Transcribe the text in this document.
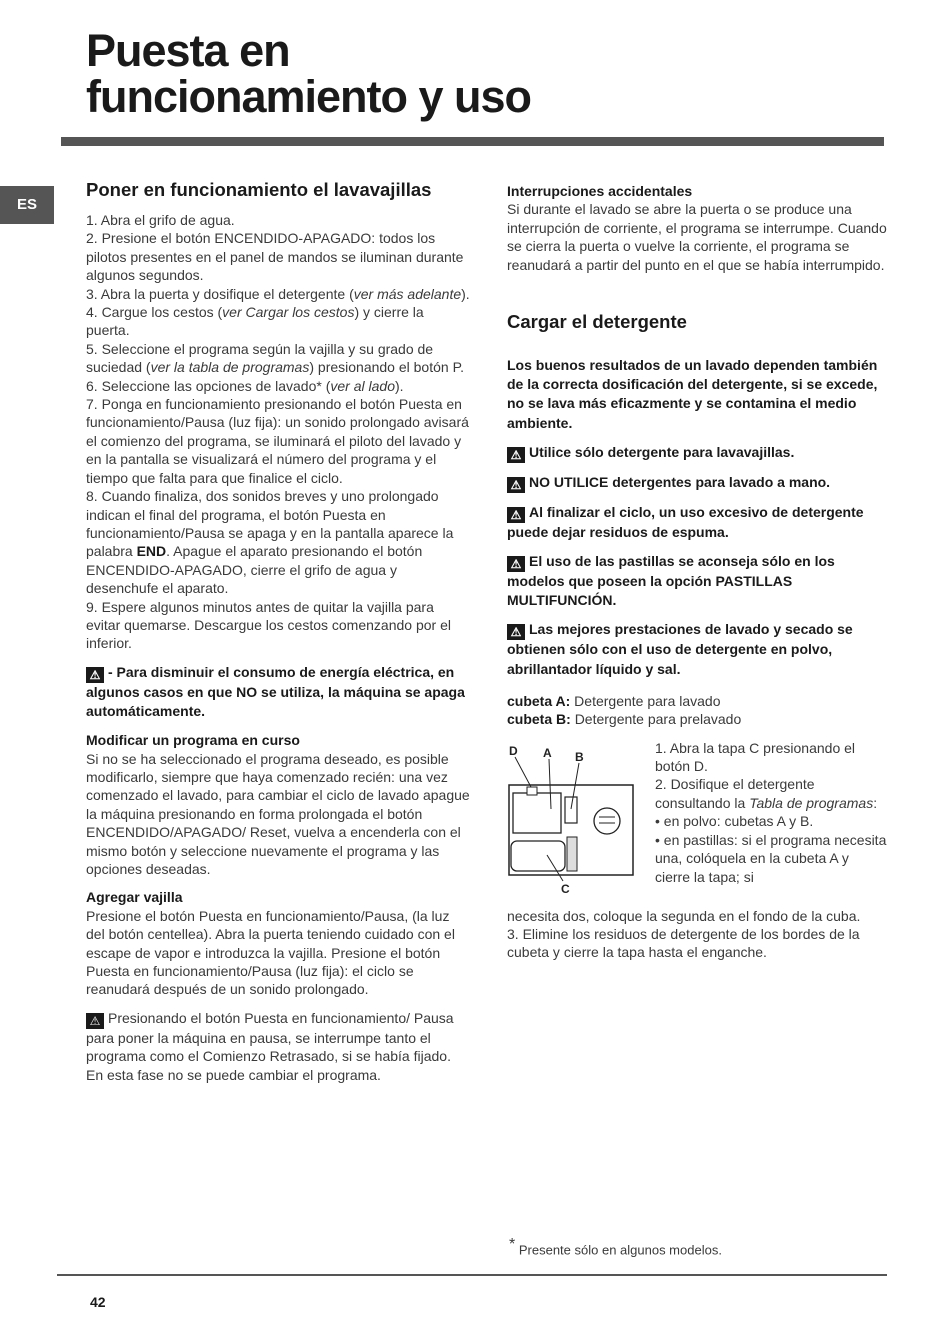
Puesta en
funcionamiento y uso
ES
Poner en funcionamiento el lavavajillas

1. Abra el grifo de agua.

2. Presione el botón ENCENDIDO-APAGADO: todos los pilotos presentes en el panel de mandos se iluminan durante algunos segundos.

3. Abra la puerta y dosifique el detergente (ver más adelante).

4. Cargue los cestos (ver Cargar los cestos) y cierre la puerta.

5. Seleccione el programa según la vajilla y su grado de suciedad (ver la tabla de programas) presionando el botón P.

6. Seleccione las opciones de lavado* (ver al lado).

7. Ponga en funcionamiento presionando el botón Puesta en funcionamiento/Pausa (luz fija): un sonido prolongado avisará el comienzo del programa, se iluminará el piloto del lavado y en la pantalla se visualizará el número del programa y el tiempo que falta para que finalice el ciclo.

8. Cuando finaliza, dos sonidos breves y uno prolongado indican el final del programa, el botón Puesta en funcionamiento/Pausa se apaga y en la pantalla aparece la palabra END. Apague el aparato presionando el botón ENCENDIDO-APAGADO, cierre el grifo de agua y desenchufe el aparato.

9. Espere algunos minutos antes de quitar la vajilla para evitar quemarse. Descargue los cestos comenzando por el inferior.

⚠ - Para disminuir el consumo de energía eléctrica, en algunos casos en que NO se utiliza, la máquina se apaga automáticamente.

Modificar un programa en curso

Si no se ha seleccionado el programa deseado, es posible modificarlo, siempre que haya comenzado recién: una vez comenzado el lavado, para cambiar el ciclo de lavado apague la máquina presionando en forma prolongada el botón ENCENDIDO/APAGADO/ Reset, vuelva a encenderla con el mismo botón y seleccione nuevamente el programa y las opciones deseadas.

Agregar vajilla

Presione el botón Puesta en funcionamiento/Pausa, (la luz del botón centellea). Abra la puerta teniendo cuidado con el escape de vapor e introduzca la vajilla. Presione el botón Puesta en funcionamiento/Pausa (luz fija): el ciclo se reanudará después de un sonido prolongado.

⚠ Presionando el botón Puesta en funcionamiento/ Pausa para poner la máquina en pausa, se interrumpe tanto el programa como el Comienzo Retrasado, si se había fijado.

En esta fase no se puede cambiar el programa.

Interrupciones accidentales

Si durante el lavado se abre la puerta o se produce una interrupción de corriente, el programa se interrumpe. Cuando se cierra la puerta o vuelve la corriente, el programa se reanudará a partir del punto en el que se había interrumpido.

Cargar el detergente

Los buenos resultados de un lavado dependen también de la correcta dosificación del detergente, si se excede, no se lava más eficazmente y se contamina el medio ambiente.

⚠ Utilice sólo detergente para lavavajillas.

⚠ NO UTILICE detergentes para lavado a mano.

⚠ Al finalizar el ciclo, un uso excesivo de detergente puede dejar residuos de espuma.

⚠ El uso de las pastillas se aconseja sólo en los modelos que poseen la opción PASTILLAS MULTIFUNCIÓN.

⚠ Las mejores prestaciones de lavado y secado se obtienen sólo con el uso de detergente en polvo, abrillantador líquido y sal.

cubeta A: Detergente para lavado

cubeta B: Detergente para prelavado

D A B
C

1. Abra la tapa C presionando el botón D.

2. Dosifique el detergente consultando la Tabla de programas:

• en polvo: cubetas A y B.

• en pastillas: si el programa necesita una, colóquela en la cubeta A y cierre la tapa; si

necesita dos, coloque la segunda en el fondo de la cuba.

3. Elimine los residuos de detergente de los bordes de la cubeta y cierre la tapa hasta el enganche.

* Presente sólo en algunos modelos.
42
